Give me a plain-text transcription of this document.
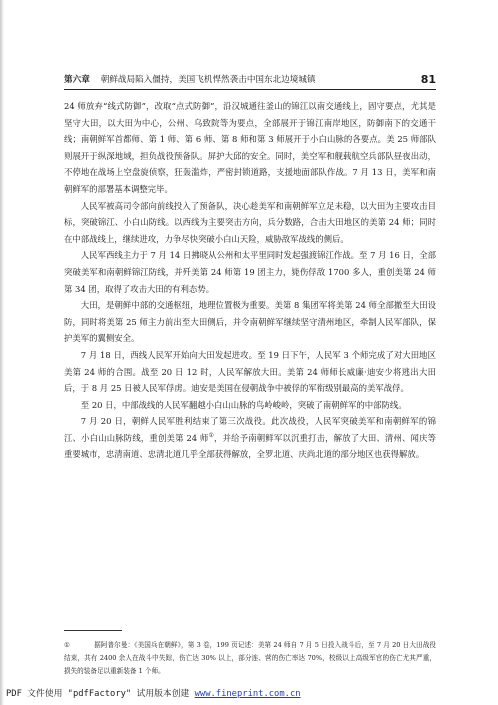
第六章 朝鲜战局陷入僵持，美国飞机悍然袭击中国东北边境城镇	81

24 师放弃“线式防御”，改取“点式防御”，沿汉城通往釜山的锦江以南交通线上，固守要点，尤其是坚守大田，以大田为中心，公州、乌致院等为要点，全部展开于锦江南岸地区，防御南下的交通干线；南朝鲜军首都师、第 1 师、第 6 师、第 8 师和第 3 师展开于小白山脉的各要点。美 25 师部队则展开于纵深地域，担负战役预备队。屏护大邱的安全。同时，美空军和舰载航空兵部队昼夜出动，不停地在战场上空盘旋侦察，狂轰滥炸，严密封锁道路，支援地面部队作战。7 月 13 日，美军和南朝鲜军的部署基本调整完毕。

人民军被高司令部向前线投入了预备队，决心趁美军和南朝鲜军立足未稳，以大田为主要攻击目标，突破锦江、小白山防线。以西线为主要突击方向，兵分数路，合击大田地区的美第 24 师；同时在中部战线上，继续进攻，力争尽快突破小白山天险，威胁敌军战线的侧后。

人民军西线主力于 7 月 14 日拂晓从公州和太平里同时发起强渡锦江作战。至 7 月 16 日，全部突破美军和南朝鲜锦江防线，并歼美第 24 师第 19 团主力，毙伤俘敌 1700 多人，重创美第 24 师第 34 团，取得了攻击大田的有利态势。

大田，是朝鲜中部的交通枢纽，地理位置极为重要。美第 8 集团军将美第 24 师全部撤至大田设防，同时将美第 25 师主力前出至大田侧后，并令南朝鲜军继续坚守清州地区，牵制人民军部队，保护美军的翼侧安全。

7 月 18 日，西线人民军开始向大田发起进攻。至 19 日下午，人民军 3 个师完成了对大田地区美第 24 师的合围。战至 20 日 12 时，人民军解放大田。美第 24 师师长威廉·迪安少将逃出大田后，于 8 月 25 日被人民军俘虏。迪安是美国在侵朝战争中被俘的军衔级别最高的美军战俘。

至 20 日，中部战线的人民军翻越小白山山脉的鸟岭峻岭，突破了南朝鲜军的中部防线。

7 月 20 日，朝鲜人民军胜利结束了第三次战役。此次战役，人民军突破美军和南朝鲜军的锦江、小白山山脉防线，重创美第 24 师①，并给予南朝鲜军以沉重打击，解放了大田、清州、闻庆等重要城市，忠清南道、忠清北道几乎全部获得解放，全罗北道、庆尚北道的部分地区也获得解放。

①	据阿普尔曼：《美国兵在朝鲜》，第 3 卷，199 页记述：美第 24 师自 7 月 5 日投入战斗后，至 7 月 20 日大田战役结束，共有 2400 余人在战斗中失踪，伤亡达 30% 以上，部分连、营的伤亡率达 70%，校级以上高级军官的伤亡尤其严重，损失的装备足以重新装备 1 个师。
PDF 文件使用 "pdfFactory" 试用版本创建 www.fineprint.com.cn
